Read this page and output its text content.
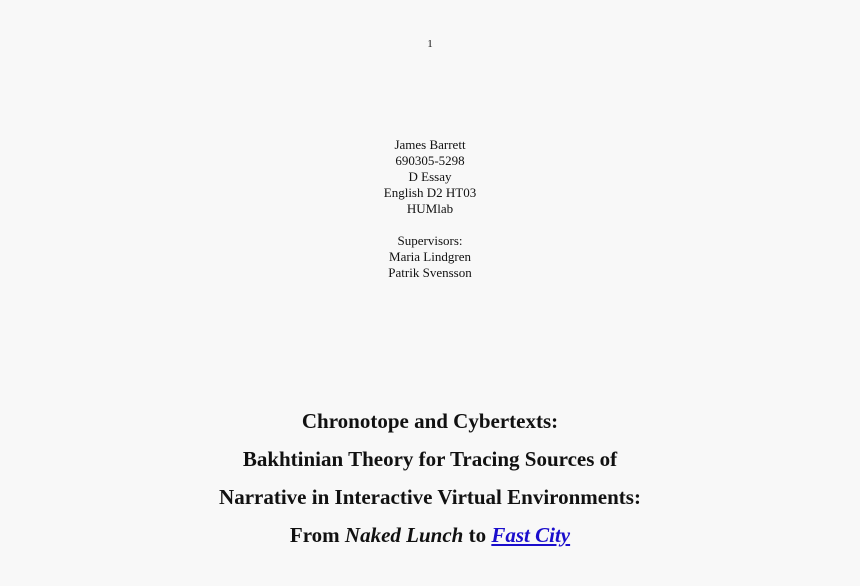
1
James Barrett
690305-5298
D Essay
English D2 HT03
HUMlab
Supervisors:
Maria Lindgren
Patrik Svensson
Chronotope and Cybertexts:
Bakhtinian Theory for Tracing Sources of
Narrative in Interactive Virtual Environments:
From Naked Lunch to Fast City
